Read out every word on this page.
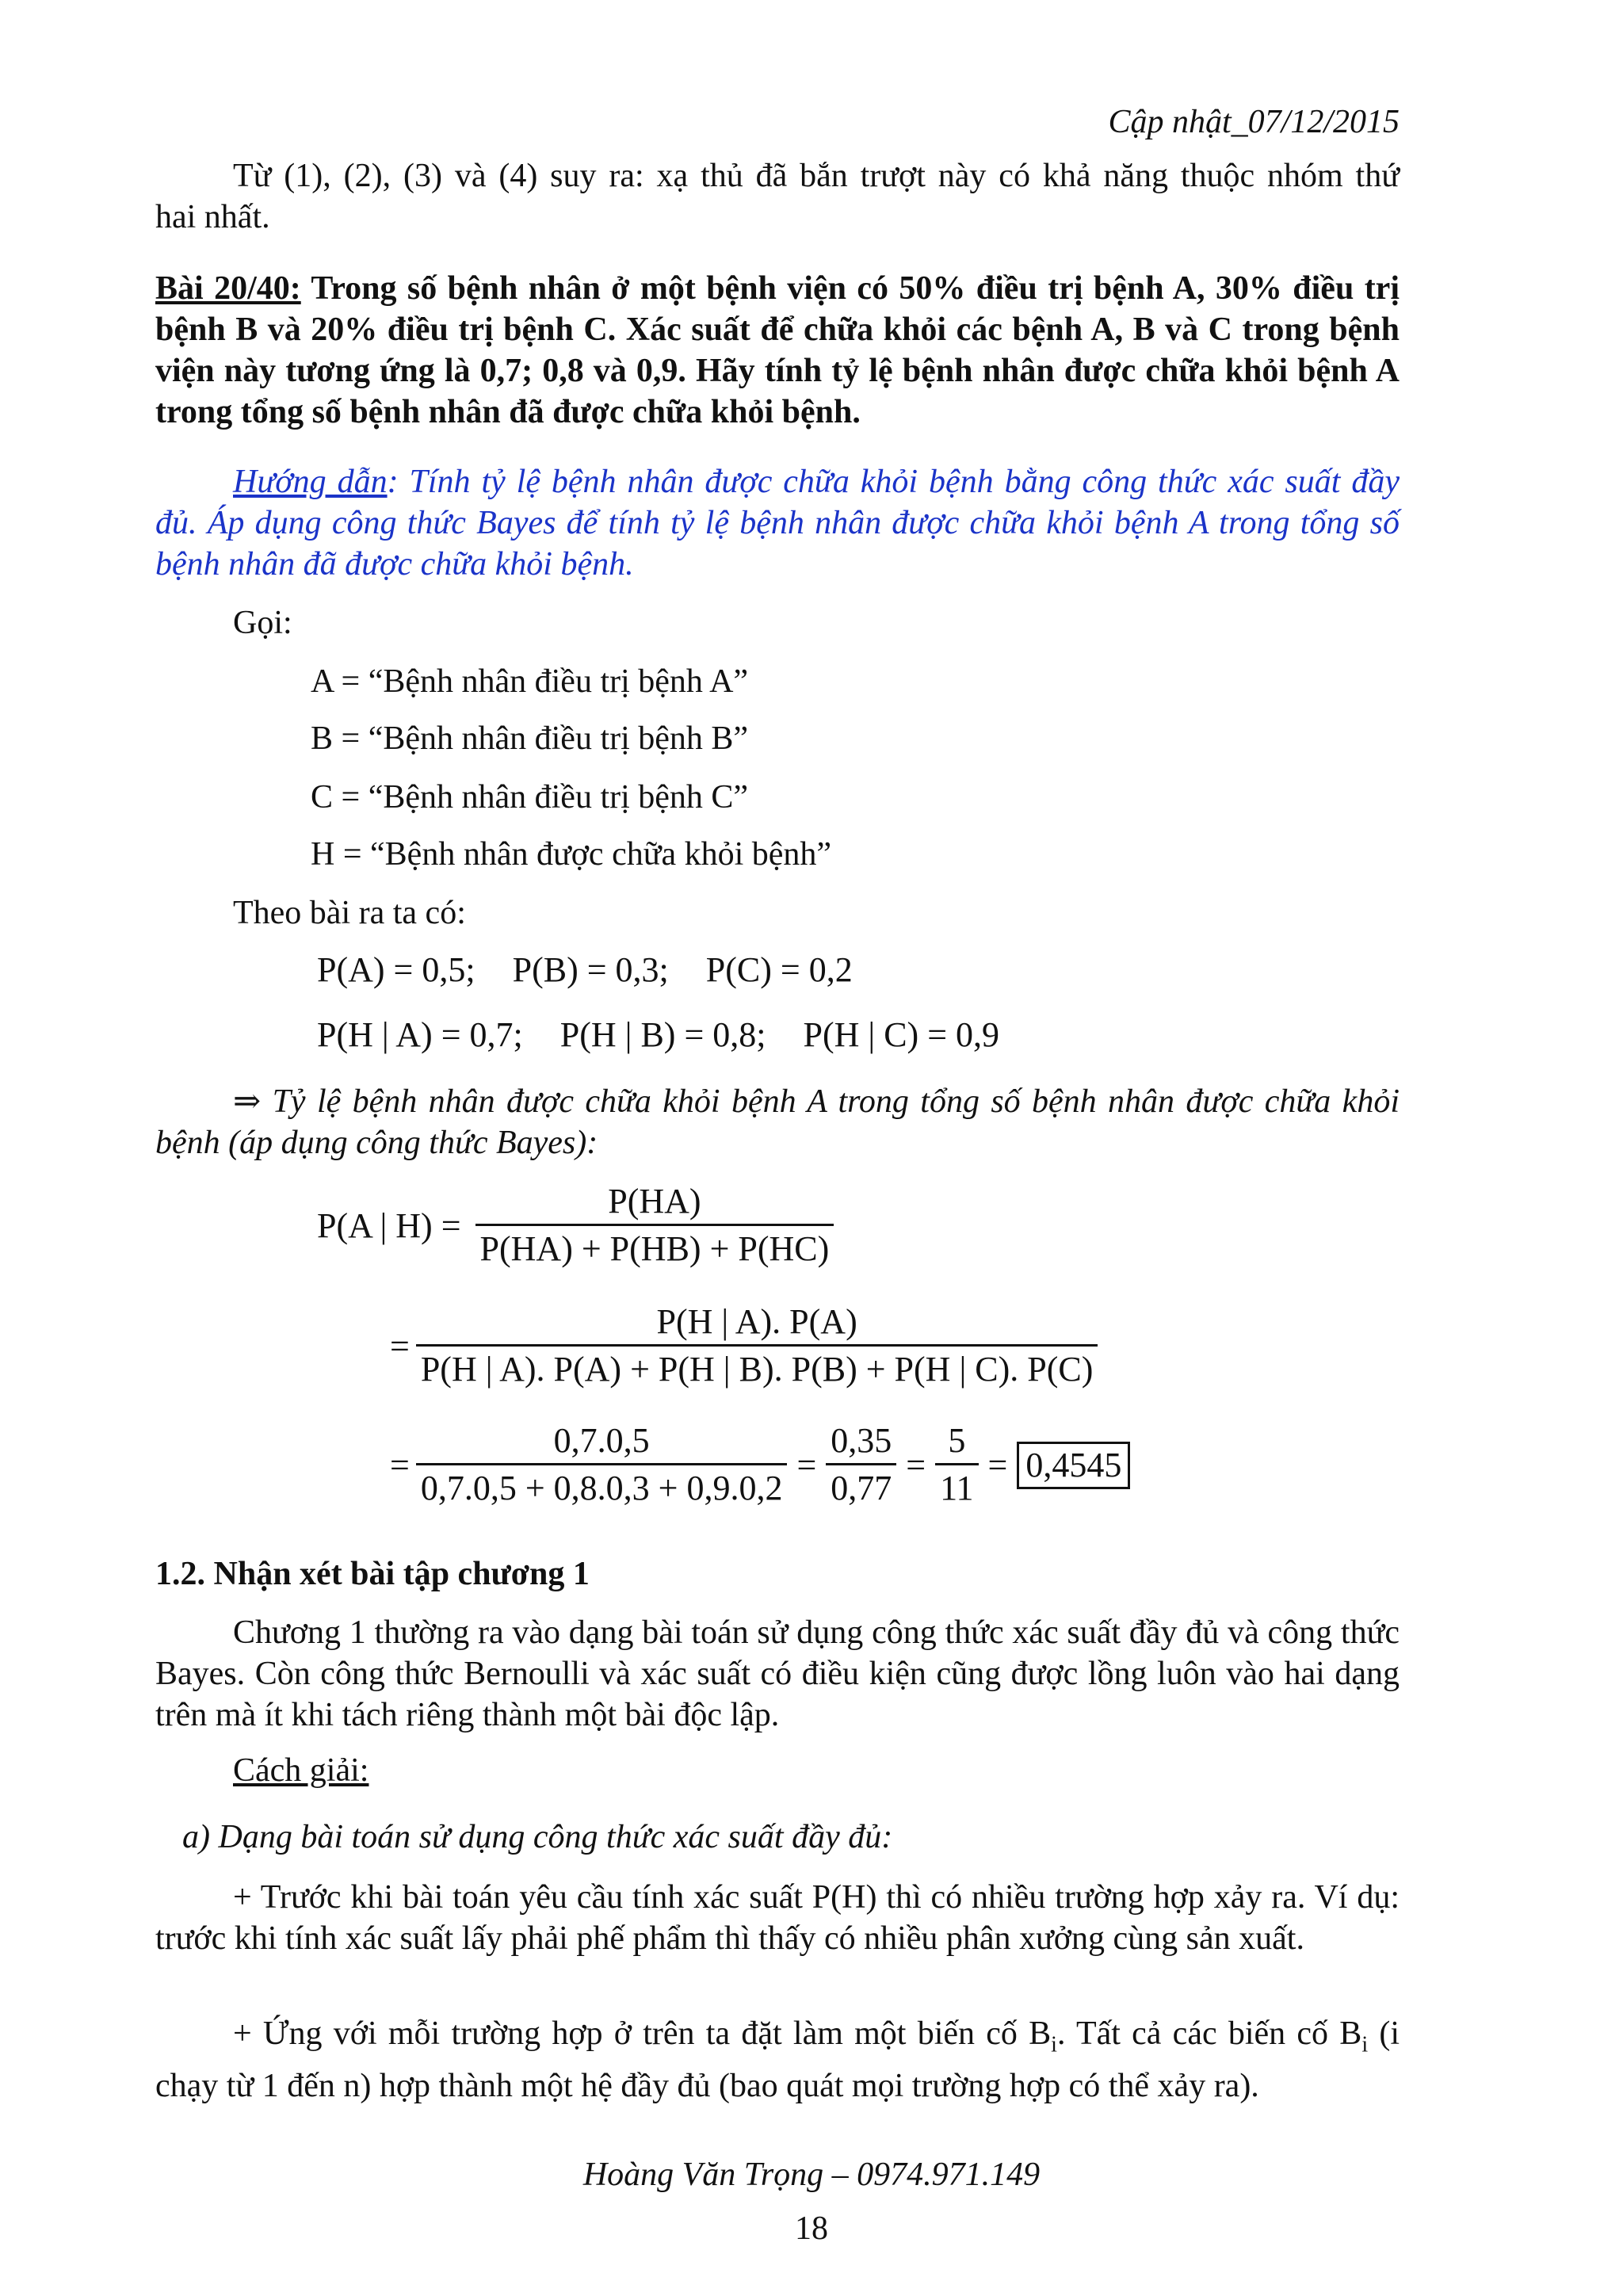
Cập nhật_07/12/2015
Từ (1), (2), (3) và (4) suy ra: xạ thủ đã bắn trượt này có khả năng thuộc nhóm thứ
hai nhất.
Bài 20/40: Trong số bệnh nhân ở một bệnh viện có 50% điều trị bệnh A, 30% điều trị bệnh B và 20% điều trị bệnh C. Xác suất để chữa khỏi các bệnh A, B và C trong bệnh viện này tương ứng là 0,7; 0,8 và 0,9. Hãy tính tỷ lệ bệnh nhân được chữa khỏi bệnh A trong tổng số bệnh nhân đã được chữa khỏi bệnh.
Hướng dẫn: Tính tỷ lệ bệnh nhân được chữa khỏi bệnh bằng công thức xác suất đầy đủ. Áp dụng công thức Bayes để tính tỷ lệ bệnh nhân được chữa khỏi bệnh A trong tổng số bệnh nhân đã được chữa khỏi bệnh.
Gọi:
A = “Bệnh nhân điều trị bệnh A”
B = “Bệnh nhân điều trị bệnh B”
C = “Bệnh nhân điều trị bệnh C”
H = “Bệnh nhân được chữa khỏi bệnh”
Theo bài ra ta có:
P(A) = 0,5; P(B) = 0,3; P(C) = 0,2
P(H | A) = 0,7; P(H | B) = 0,8; P(H | C) = 0,9
⇒ Tỷ lệ bệnh nhân được chữa khỏi bệnh A trong tổng số bệnh nhân được chữa khỏi bệnh (áp dụng công thức Bayes):
P(A | $H) = \frac{P(HA)}{P(HA) + P(HB) + P(HC)}$
= $\frac{P(H | A). P(A)}{P(H | A). P(A) + P(H | B). P(B) + P(H | C). P(C)}$
= $\frac{0,7.0,5}{0,7.0,5 + 0,8.0,3 + 0,9.0,2} = \frac{0,35}{0,77} = \frac{5}{11} = 0,4545$
1.2. Nhận xét bài tập chương 1
Chương 1 thường ra vào dạng bài toán sử dụng công thức xác suất đầy đủ và công thức Bayes. Còn công thức Bernoulli và xác suất có điều kiện cũng được lồng luôn vào hai dạng trên mà ít khi tách riêng thành một bài độc lập.
Cách giải:
a) Dạng bài toán sử dụng công thức xác suất đầy đủ:
+ Trước khi bài toán yêu cầu tính xác suất P(H) thì có nhiều trường hợp xảy ra. Ví dụ: trước khi tính xác suất lấy phải phế phẩm thì thấy có nhiều phân xưởng cùng sản xuất.
+ Ứng với mỗi trường hợp ở trên ta đặt làm một biến cố $B_i$. Tất cả các biến cố $B_i$ (i chạy từ 1 đến n) hợp thành một hệ đầy đủ (bao quát mọi trường hợp có thể xảy ra).
Hoàng Văn Trọng – 0974.971.149
18
